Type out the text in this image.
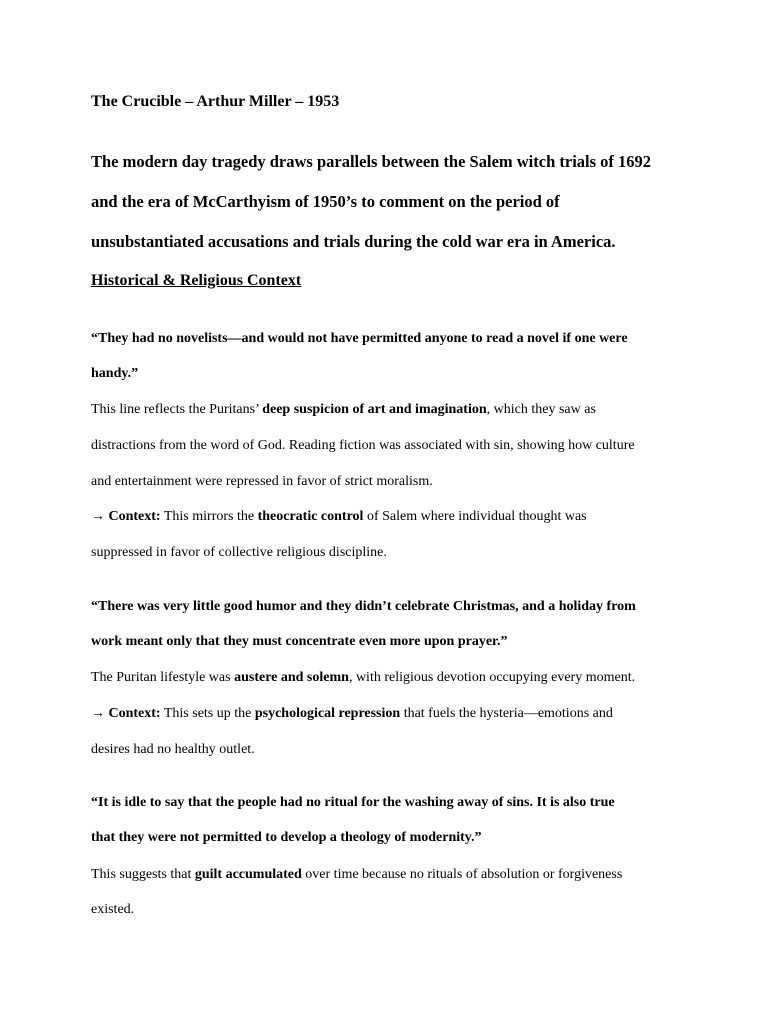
The Crucible – Arthur Miller – 1953

The modern day tragedy draws parallels between the Salem witch trials of 1692

and the era of McCarthyism of 1950’s to comment on the period of

unsubstantiated accusations and trials during the cold war era in America.

Historical & Religious Context

“They had no novelists—and would not have permitted anyone to read a novel if one were

handy.”

This line reflects the Puritans’ deep suspicion of art and imagination, which they saw as

distractions from the word of God. Reading fiction was associated with sin, showing how culture

and entertainment were repressed in favor of strict moralism.

→ Context: This mirrors the theocratic control of Salem where individual thought was

suppressed in favor of collective religious discipline.

“There was very little good humor and they didn’t celebrate Christmas, and a holiday from

work meant only that they must concentrate even more upon prayer.”

The Puritan lifestyle was austere and solemn, with religious devotion occupying every moment.

→ Context: This sets up the psychological repression that fuels the hysteria—emotions and

desires had no healthy outlet.

“It is idle to say that the people had no ritual for the washing away of sins. It is also true

that they were not permitted to develop a theology of modernity.”

This suggests that guilt accumulated over time because no rituals of absolution or forgiveness

existed.
